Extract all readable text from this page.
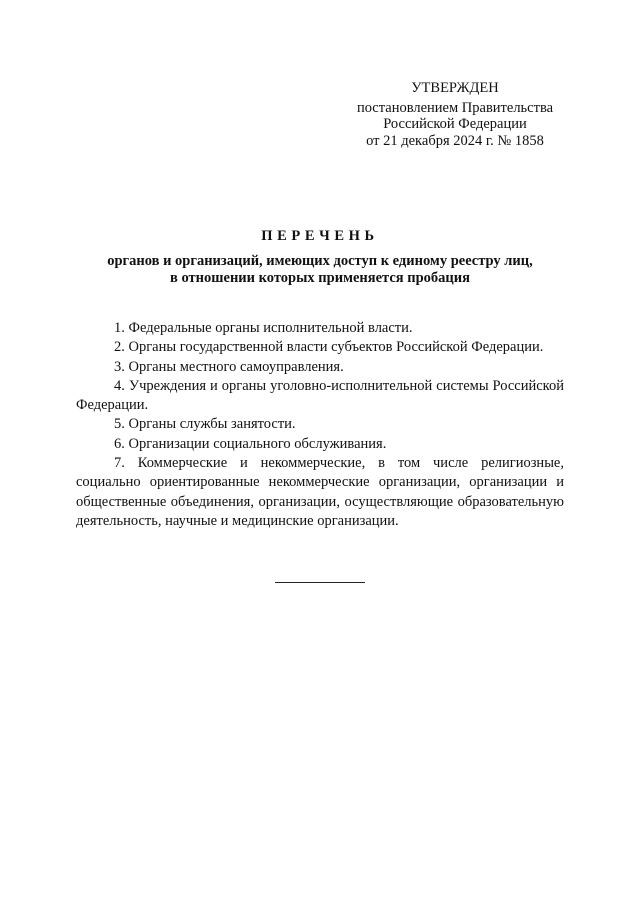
УТВЕРЖДЕН
постановлением Правительства
Российской Федерации
от 21 декабря 2024 г. № 1858
ПЕРЕЧЕНЬ
органов и организаций, имеющих доступ к единому реестру лиц,
в отношении которых применяется пробация

1. Федеральные органы исполнительной власти.

2. Органы государственной власти субъектов Российской Федерации.

3. Органы местного самоуправления.

4. Учреждения и органы уголовно-исполнительной системы Российской Федерации.

5. Органы службы занятости.

6. Организации социального обслуживания.

7. Коммерческие и некоммерческие, в том числе религиозные, социально ориентированные некоммерческие организации, организации и общественные объединения, организации, осуществляющие образовательную деятельность, научные и медицинские организации.
